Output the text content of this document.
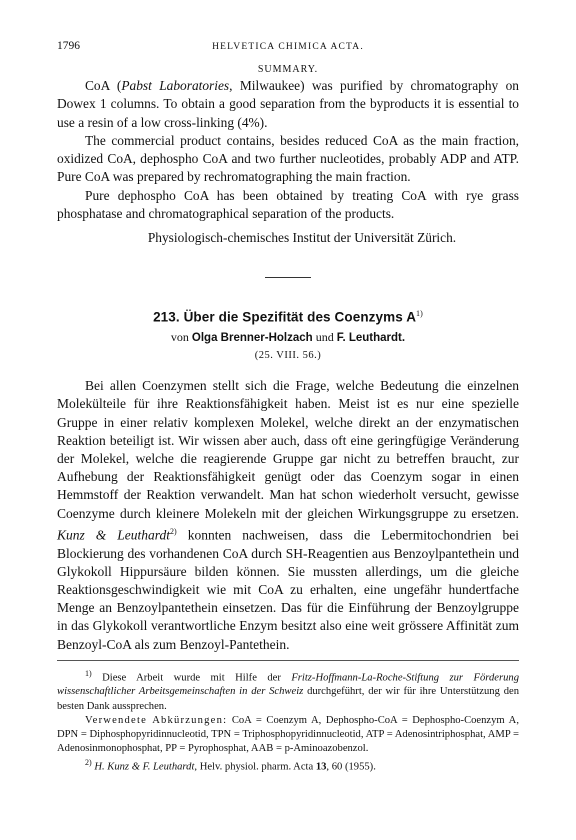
1796	HELVETICA CHIMICA ACTA.
SUMMARY.

CoA (Pabst Laboratories, Milwaukee) was purified by chromatography on Dowex 1 columns. To obtain a good separation from the byproducts it is essential to use a resin of a low cross-linking (4%).

The commercial product contains, besides reduced CoA as the main fraction, oxidized CoA, dephospho CoA and two further nucleotides, probably ADP and ATP. Pure CoA was prepared by rechromatographing the main fraction.

Pure dephospho CoA has been obtained by treating CoA with rye grass phosphatase and chromatographical separation of the products.

Physiologisch-chemisches Institut der Universität Zürich.
213. Über die Spezifität des Coenzyms $A^{1)}$
von Olga Brenner-Holzach und F. Leuthardt.
(25. VIII. 56.)

Bei allen Coenzymen stellt sich die Frage, welche Bedeutung die einzelnen Molekülteile für ihre Reaktionsfähigkeit haben. Meist ist es nur eine spezielle Gruppe in einer relativ komplexen Molekel, welche direkt an der enzymatischen Reaktion beteiligt ist. Wir wissen aber auch, dass oft eine geringfügige Veränderung der Molekel, welche die reagierende Gruppe gar nicht zu betreffen braucht, zur Aufhebung der Reaktionsfähigkeit genügt oder das Coenzym sogar in einen Hemmstoff der Reaktion verwandelt. Man hat schon wiederholt versucht, gewisse Coenzyme durch kleinere Molekeln mit der gleichen Wirkungsgruppe zu ersetzen. Kunz & Leuthardt$^{2)}$ konnten nachweisen, dass die Lebermitochondrien bei Blockierung des vorhandenen CoA durch SH-Reagentien aus Benzoylpantethein und Glykokoll Hippursäure bilden können. Sie mussten allerdings, um die gleiche Reaktionsgeschwindigkeit wie mit CoA zu erhalten, eine ungefähr hundertfache Menge an Benzoylpantethein einsetzen. Das für die Einführung der Benzoylgruppe in das Glykokoll verantwortliche Enzym besitzt also eine weit grössere Affinität zum Benzoyl-CoA als zum Benzoyl-Pantethein.

$^{1)}$ Diese Arbeit wurde mit Hilfe der Fritz-Hoffmann-La-Roche-Stiftung zur Förderung wissenschaftlicher Arbeitsgemeinschaften in der Schweiz durchgeführt, der wir für ihre Unterstützung den besten Dank aussprechen.

Verwendete Abkürzungen: CoA = Coenzym A, Dephospho-CoA = Dephospho-Coenzym A, DPN = Diphosphopyridinnucleotid, TPN = Triphosphopyridinnucleotid, ATP = Adenosintriphosphat, AMP = Adenosinmonophosphat, PP = Pyrophosphat, AAB = p-Aminoazobenzol.

$^{2)}$ H. Kunz & F. Leuthardt, Helv. physiol. pharm. Acta 13, 60 (1955).
